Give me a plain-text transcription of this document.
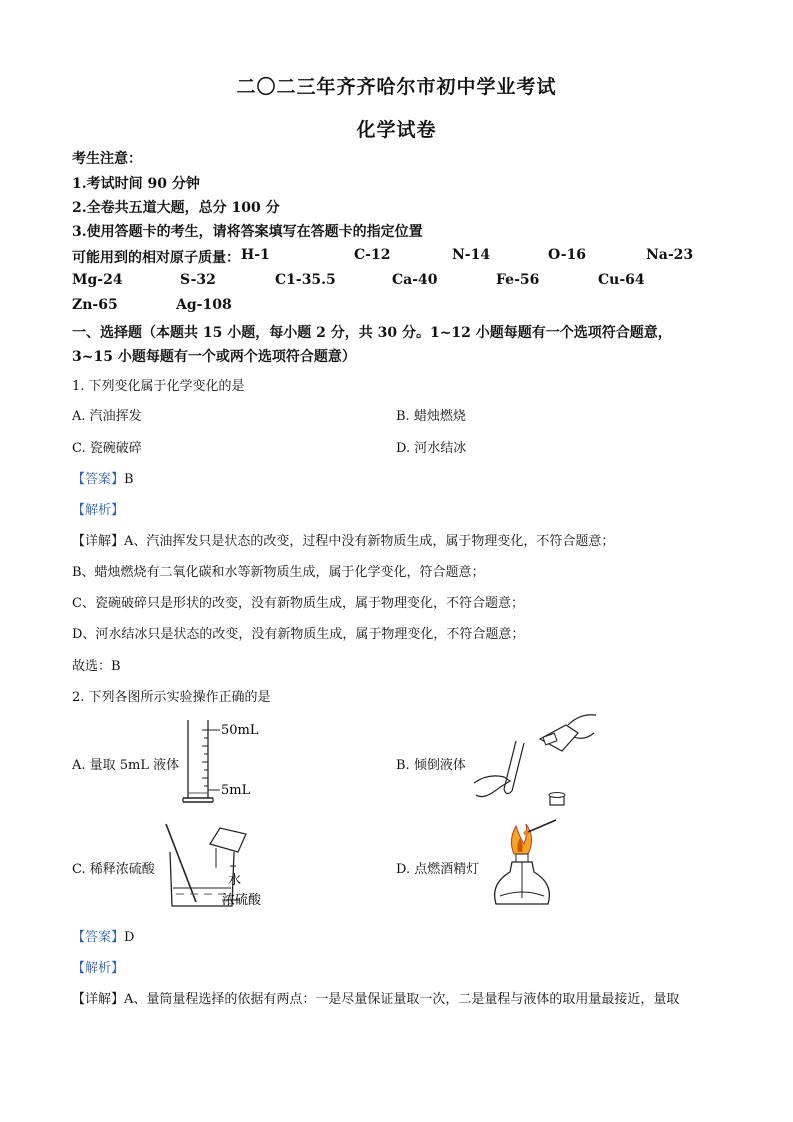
二〇二三年齐齐哈尔市初中学业考试
化学试卷
考生注意：
1.考试时间 90 分钟
2.全卷共五道大题，总分 100 分
3.使用答题卡的考生，请将答案填写在答题卡的指定位置
可能用到的相对原子质量： H-1	C-12	N-14	O-16	Na-23
Mg-24	S-32	C1-35.5	Ca-40	Fe-56	Cu-64
Zn-65	Ag-108
一、选择题（本题共 15 小题，每小题 2 分，共 30 分。1~12 小题每题有一个选项符合题意，
3~15 小题每题有一个或两个选项符合题意）
1. 下列变化属于化学变化的是
A. 汽油挥发	B. 蜡烛燃烧
C. 瓷碗破碎	D. 河水结冰
【答案】B
【解析】
【详解】A、汽油挥发只是状态的改变，过程中没有新物质生成，属于物理变化，不符合题意；
B、蜡烛燃烧有二氧化碳和水等新物质生成，属于化学变化，符合题意；
C、瓷碗破碎只是形状的改变，没有新物质生成，属于物理变化，不符合题意；
D、河水结冰只是状态的改变，没有新物质生成，属于物理变化，不符合题意；
故选：B
2. 下列各图所示实验操作正确的是
A. 量取 5mL 液体
50mL
5mL
B. 倾倒液体
C. 稀释浓硫酸
水
浓硫酸
D. 点燃酒精灯
【答案】D
【解析】
【详解】A、量筒量程选择的依据有两点：一是尽量保证量取一次，二是量程与液体的取用量最接近，量取
